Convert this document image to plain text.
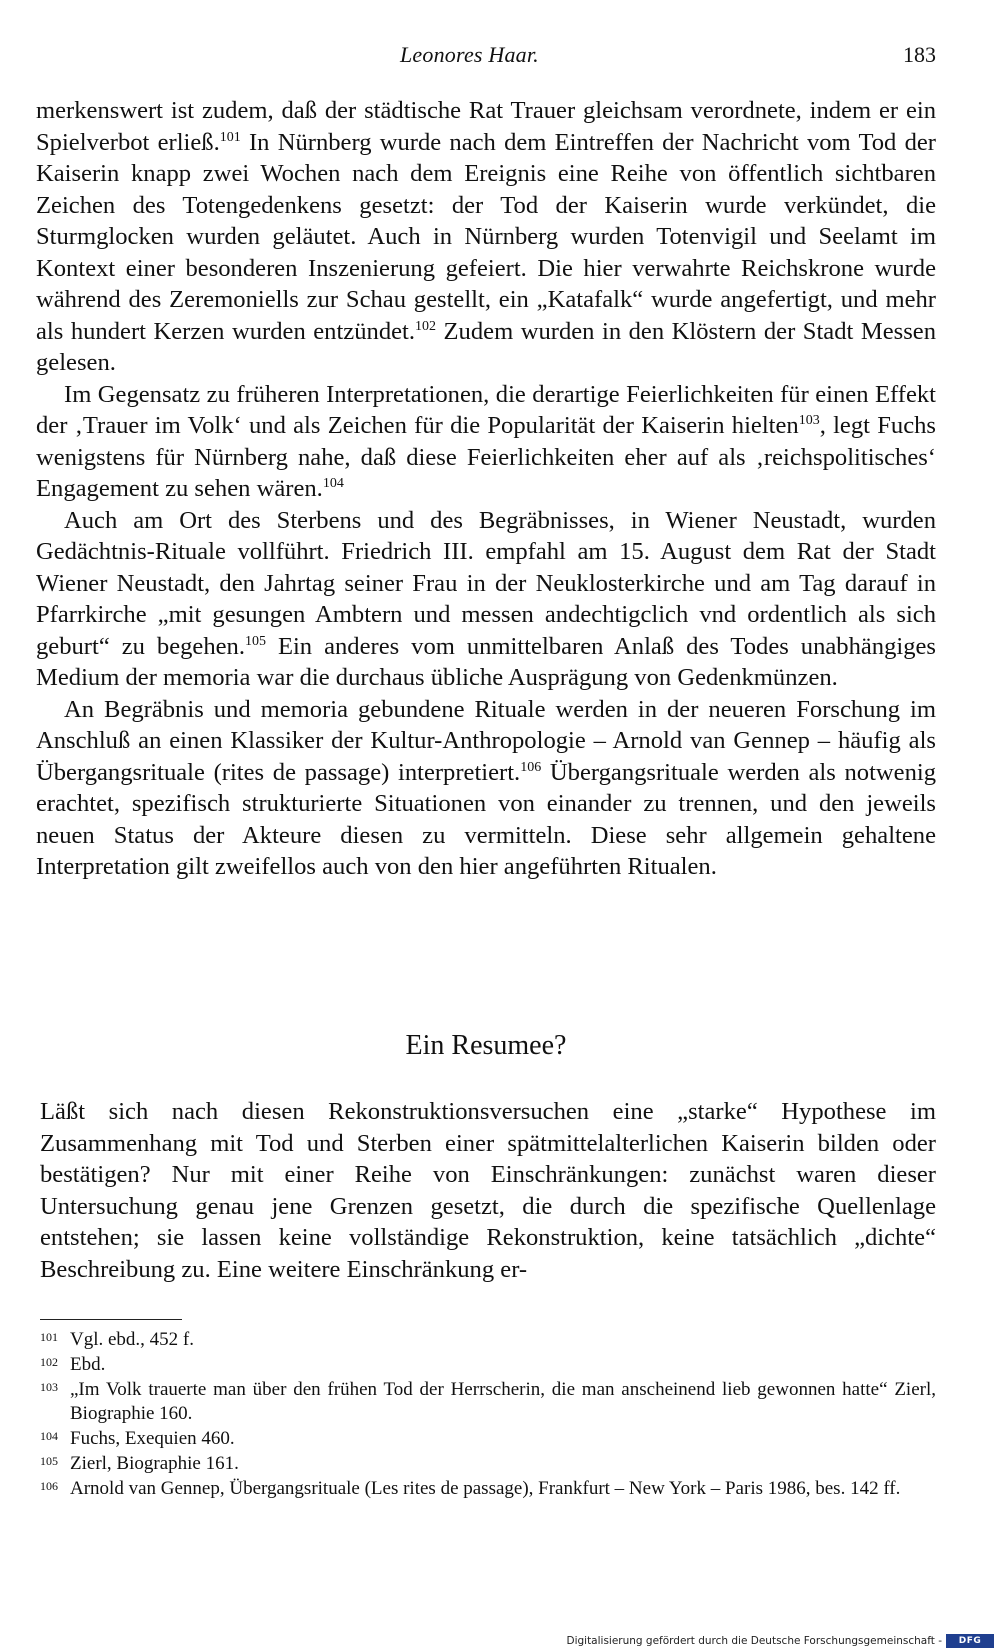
Leonores Haar.	183

merkenswert ist zudem, daß der städtische Rat Trauer gleichsam verordnete, indem er ein Spielverbot erließ.$^{101}$ In Nürnberg wurde nach dem Eintreffen der Nachricht vom Tod der Kaiserin knapp zwei Wochen nach dem Ereignis eine Reihe von öffentlich sichtbaren Zeichen des Totengedenkens gesetzt: der Tod der Kaiserin wurde verkündet, die Sturmglocken wurden geläutet. Auch in Nürnberg wurden Totenvigil und Seelamt im Kontext einer besonderen Inszenierung gefeiert. Die hier verwahrte Reichskrone wurde während des Zeremoniells zur Schau gestellt, ein „Katafalk“ wurde angefertigt, und mehr als hundert Kerzen wurden entzündet.$^{102}$ Zudem wurden in den Klöstern der Stadt Messen gelesen.

Im Gegensatz zu früheren Interpretationen, die derartige Feierlichkeiten für einen Effekt der ‚Trauer im Volk‘ und als Zeichen für die Popularität der Kaiserin hielten$^{103}$, legt Fuchs wenigstens für Nürnberg nahe, daß diese Feierlichkeiten eher auf als ‚reichspolitisches‘ Engagement zu sehen wären.$^{104}$

Auch am Ort des Sterbens und des Begräbnisses, in Wiener Neustadt, wurden Gedächtnis-Rituale vollführt. Friedrich III. empfahl am 15. August dem Rat der Stadt Wiener Neustadt, den Jahrtag seiner Frau in der Neuklosterkirche und am Tag darauf in Pfarrkirche „mit gesungen Ambtern und messen andechtigclich vnd ordentlich als sich geburt“ zu begehen.$^{105}$ Ein anderes vom unmittelbaren Anlaß des Todes unabhängiges Medium der memoria war die durchaus übliche Ausprägung von Gedenkmünzen.

An Begräbnis und memoria gebundene Rituale werden in der neueren Forschung im Anschluß an einen Klassiker der Kultur-Anthropologie – Arnold van Gennep – häufig als Übergangsrituale (rites de passage) interpretiert.$^{106}$ Übergangsrituale werden als notwenig erachtet, spezifisch strukturierte Situationen von einander zu trennen, und den jeweils neuen Status der Akteure diesen zu vermitteln. Diese sehr allgemein gehaltene Interpretation gilt zweifellos auch von den hier angeführten Ritualen.

Ein Resumee?

Läßt sich nach diesen Rekonstruktionsversuchen eine „starke“ Hypothese im Zusammenhang mit Tod und Sterben einer spätmittelalterlichen Kaiserin bilden oder bestätigen? Nur mit einer Reihe von Einschränkungen: zunächst waren dieser Untersuchung genau jene Grenzen gesetzt, die durch die spezifische Quellenlage entstehen; sie lassen keine vollständige Rekonstruktion, keine tatsächlich „dichte“ Beschreibung zu. Eine weitere Einschränkung er-

101 Vgl. ebd., 452 f.
102 Ebd.
103 „Im Volk trauerte man über den frühen Tod der Herrscherin, die man anscheinend lieb gewonnen hatte“ Zierl, Biographie 160.
104 Fuchs, Exequien 460.
105 Zierl, Biographie 161.
106 Arnold van Gennep, Übergangsrituale (Les rites de passage), Frankfurt – New York – Paris 1986, bes. 142 ff.
Digitalisierung gefördert durch die Deutsche Forschungsgemeinschaft -	DFG
